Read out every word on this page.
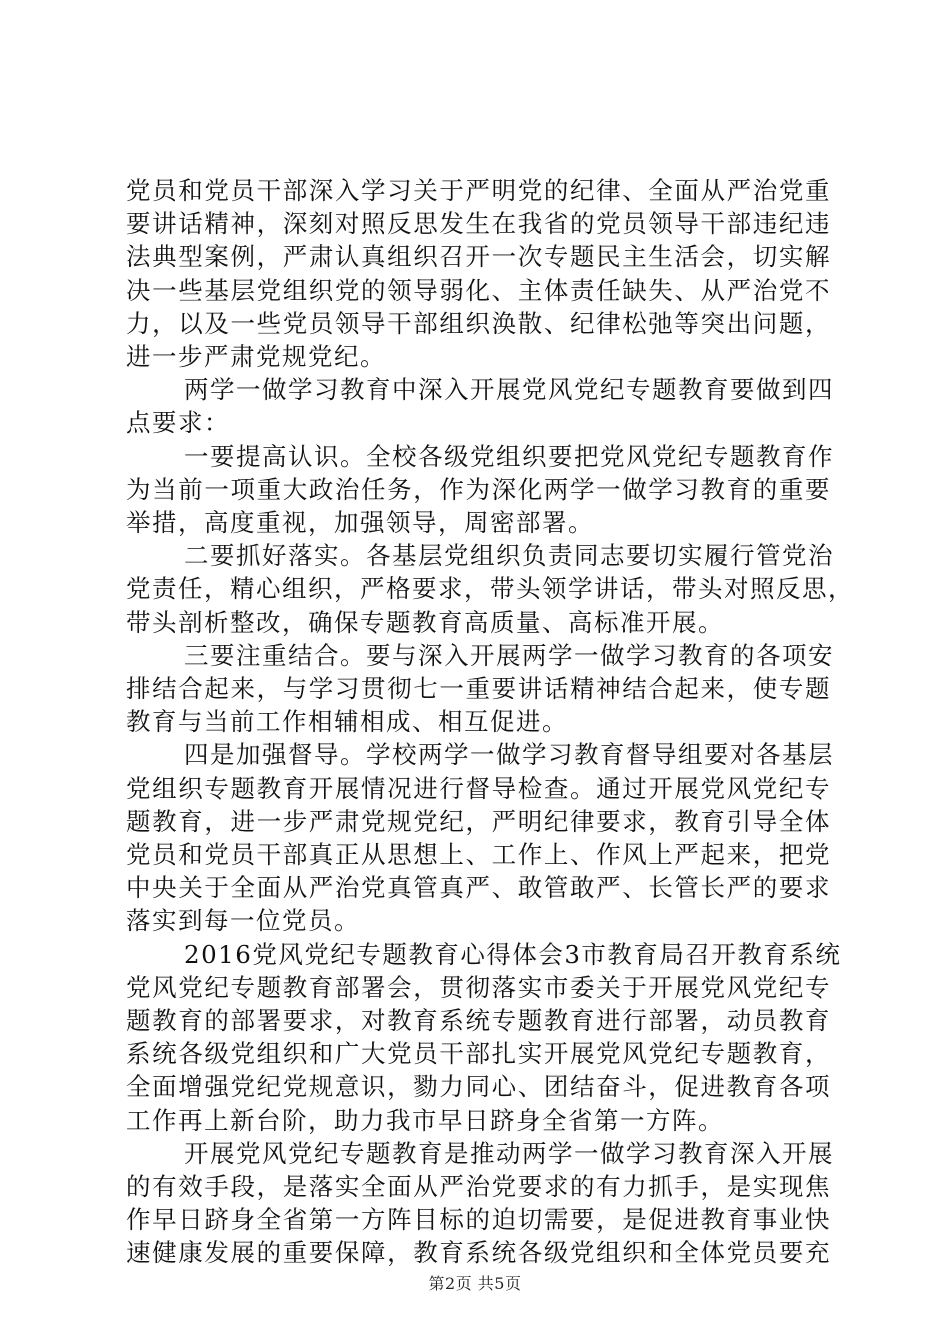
党员和党员干部深入学习关于严明党的纪律、全面从严治党重
要讲话精神，深刻对照反思发生在我省的党员领导干部违纪违
法典型案例，严肃认真组织召开一次专题民主生活会，切实解
决一些基层党组织党的领导弱化、主体责任缺失、从严治党不
力，以及一些党员领导干部组织涣散、纪律松弛等突出问题，
进一步严肃党规党纪。
两学一做学习教育中深入开展党风党纪专题教育要做到四
点要求：
一要提高认识。全校各级党组织要把党风党纪专题教育作
为当前一项重大政治任务，作为深化两学一做学习教育的重要
举措，高度重视，加强领导，周密部署。
二要抓好落实。各基层党组织负责同志要切实履行管党治
党责任，精心组织，严格要求，带头领学讲话，带头对照反思，
带头剖析整改，确保专题教育高质量、高标准开展。
三要注重结合。要与深入开展两学一做学习教育的各项安
排结合起来，与学习贯彻七一重要讲话精神结合起来，使专题
教育与当前工作相辅相成、相互促进。
四是加强督导。学校两学一做学习教育督导组要对各基层
党组织专题教育开展情况进行督导检查。通过开展党风党纪专
题教育，进一步严肃党规党纪，严明纪律要求，教育引导全体
党员和党员干部真正从思想上、工作上、作风上严起来，把党
中央关于全面从严治党真管真严、敢管敢严、长管长严的要求
落实到每一位党员。
2016党风党纪专题教育心得体会3市教育局召开教育系统
党风党纪专题教育部署会，贯彻落实市委关于开展党风党纪专
题教育的部署要求，对教育系统专题教育进行部署，动员教育
系统各级党组织和广大党员干部扎实开展党风党纪专题教育，
全面增强党纪党规意识，勠力同心、团结奋斗，促进教育各项
工作再上新台阶，助力我市早日跻身全省第一方阵。
开展党风党纪专题教育是推动两学一做学习教育深入开展
的有效手段，是落实全面从严治党要求的有力抓手，是实现焦
作早日跻身全省第一方阵目标的迫切需要，是促进教育事业快
速健康发展的重要保障，教育系统各级党组织和全体党员要充
第2页 共5页
